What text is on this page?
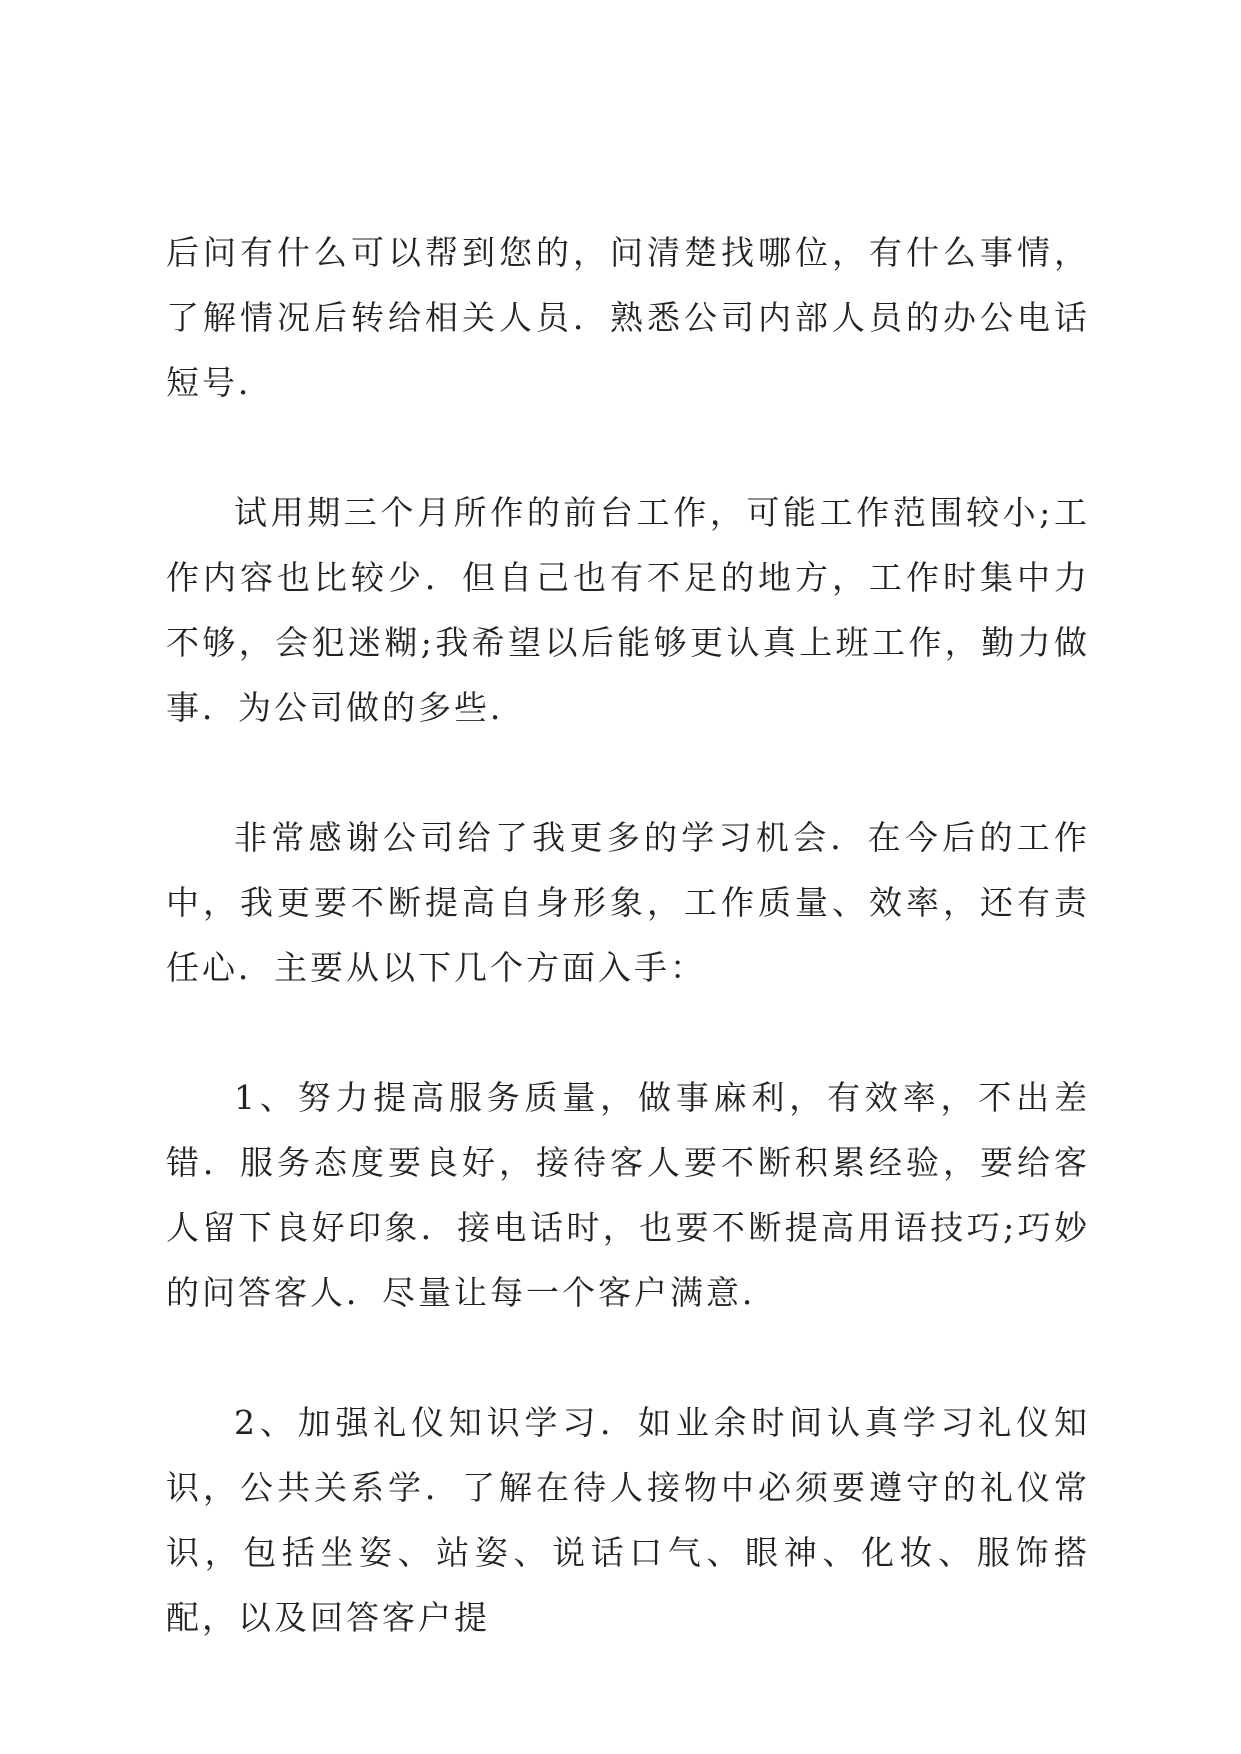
后问有什么可以帮到您的，问清楚找哪位，有什么事情，了解情况后转给相关人员．熟悉公司内部人员的办公电话短号．

试用期三个月所作的前台工作，可能工作范围较小;工作内容也比较少．但自己也有不足的地方，工作时集中力不够，会犯迷糊;我希望以后能够更认真上班工作，勤力做事．为公司做的多些．

非常感谢公司给了我更多的学习机会．在今后的工作中，我更要不断提高自身形象，工作质量、效率，还有责任心．主要从以下几个方面入手：

1、努力提高服务质量，做事麻利，有效率，不出差错．服务态度要良好，接待客人要不断积累经验，要给客人留下良好印象．接电话时，也要不断提高用语技巧;巧妙的问答客人．尽量让每一个客户满意．

2、加强礼仪知识学习．如业余时间认真学习礼仪知识，公共关系学．了解在待人接物中必须要遵守的礼仪常识，包括坐姿、站姿、说话口气、眼神、化妆、服饰搭配，以及回答客户提
